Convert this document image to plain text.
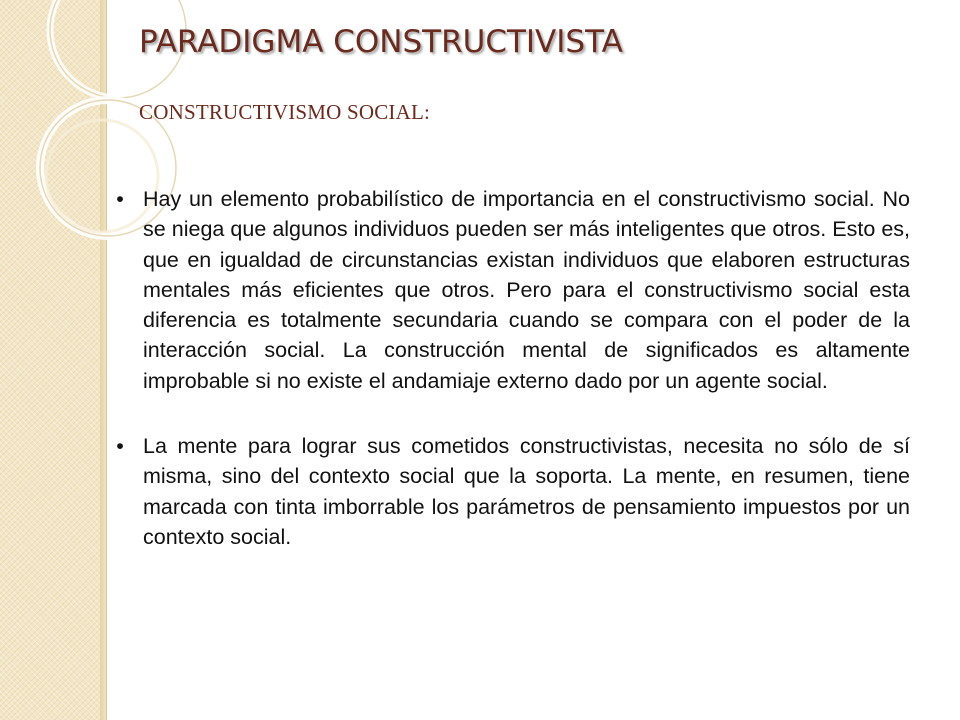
PARADIGMA CONSTRUCTIVISTA
CONSTRUCTIVISMO SOCIAL:
• Hay un elemento probabilístico de importancia en el constructivismo social. No se niega que algunos individuos pueden ser más inteligentes que otros. Esto es, que en igualdad de circunstancias existan individuos que elaboren estructuras mentales más eficientes que otros. Pero para el constructivismo social esta diferencia es totalmente secundaria cuando se compara con el poder de la interacción social. La construcción mental de significados es altamente improbable si no existe el andamiaje externo dado por un agente social.
• La mente para lograr sus cometidos constructivistas, necesita no sólo de sí misma, sino del contexto social que la soporta. La mente, en resumen, tiene marcada con tinta imborrable los parámetros de pensamiento impuestos por un contexto social.
